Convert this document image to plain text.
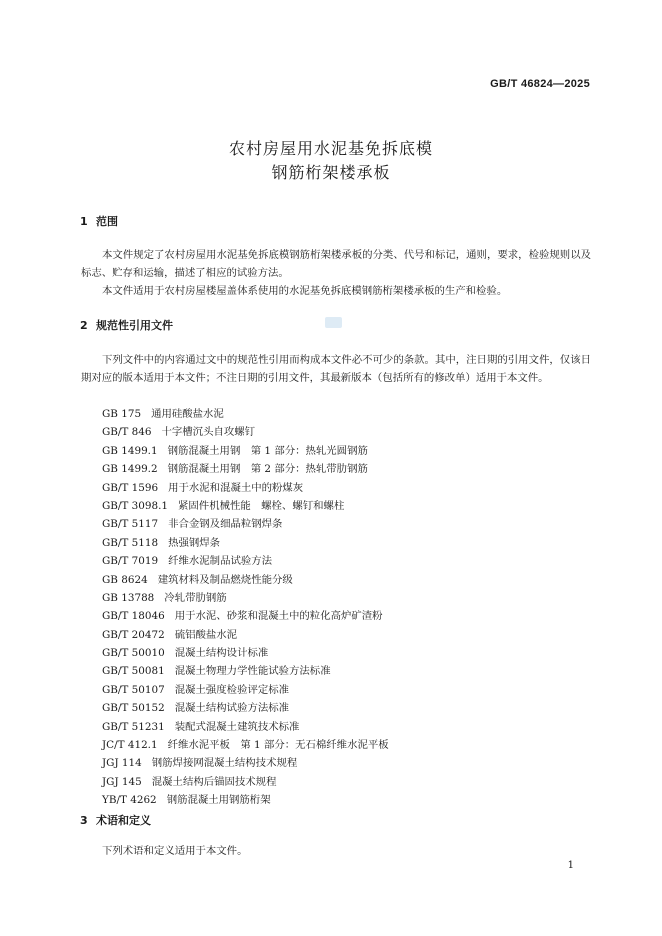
GB/T 46824—2025
农村房屋用水泥基免拆底模
钢筋桁架楼承板
1 范围
本文件规定了农村房屋用水泥基免拆底模钢筋桁架楼承板的分类、代号和标记，通则，要求，检验规则以及标志、贮存和运输，描述了相应的试验方法。
本文件适用于农村房屋楼屋盖体系使用的水泥基免拆底模钢筋桁架楼承板的生产和检验。
2 规范性引用文件
下列文件中的内容通过文中的规范性引用而构成本文件必不可少的条款。其中，注日期的引用文件，仅该日期对应的版本适用于本文件；不注日期的引用文件，其最新版本（包括所有的修改单）适用于本文件。
GB 175 通用硅酸盐水泥
GB/T 846 十字槽沉头自攻螺钉
GB 1499.1 钢筋混凝土用钢　第 1 部分：热轧光圆钢筋
GB 1499.2 钢筋混凝土用钢　第 2 部分：热轧带肋钢筋
GB/T 1596 用于水泥和混凝土中的粉煤灰
GB/T 3098.1 紧固件机械性能　螺栓、螺钉和螺柱
GB/T 5117 非合金钢及细晶粒钢焊条
GB/T 5118 热强钢焊条
GB/T 7019 纤维水泥制品试验方法
GB 8624 建筑材料及制品燃烧性能分级
GB 13788 冷轧带肋钢筋
GB/T 18046 用于水泥、砂浆和混凝土中的粒化高炉矿渣粉
GB/T 20472 硫铝酸盐水泥
GB/T 50010 混凝土结构设计标准
GB/T 50081 混凝土物理力学性能试验方法标准
GB/T 50107 混凝土强度检验评定标准
GB/T 50152 混凝土结构试验方法标准
GB/T 51231 装配式混凝土建筑技术标准
JC/T 412.1 纤维水泥平板　第 1 部分：无石棉纤维水泥平板
JGJ 114 钢筋焊接网混凝土结构技术规程
JGJ 145 混凝土结构后锚固技术规程
YB/T 4262 钢筋混凝土用钢筋桁架
3 术语和定义
下列术语和定义适用于本文件。
1
